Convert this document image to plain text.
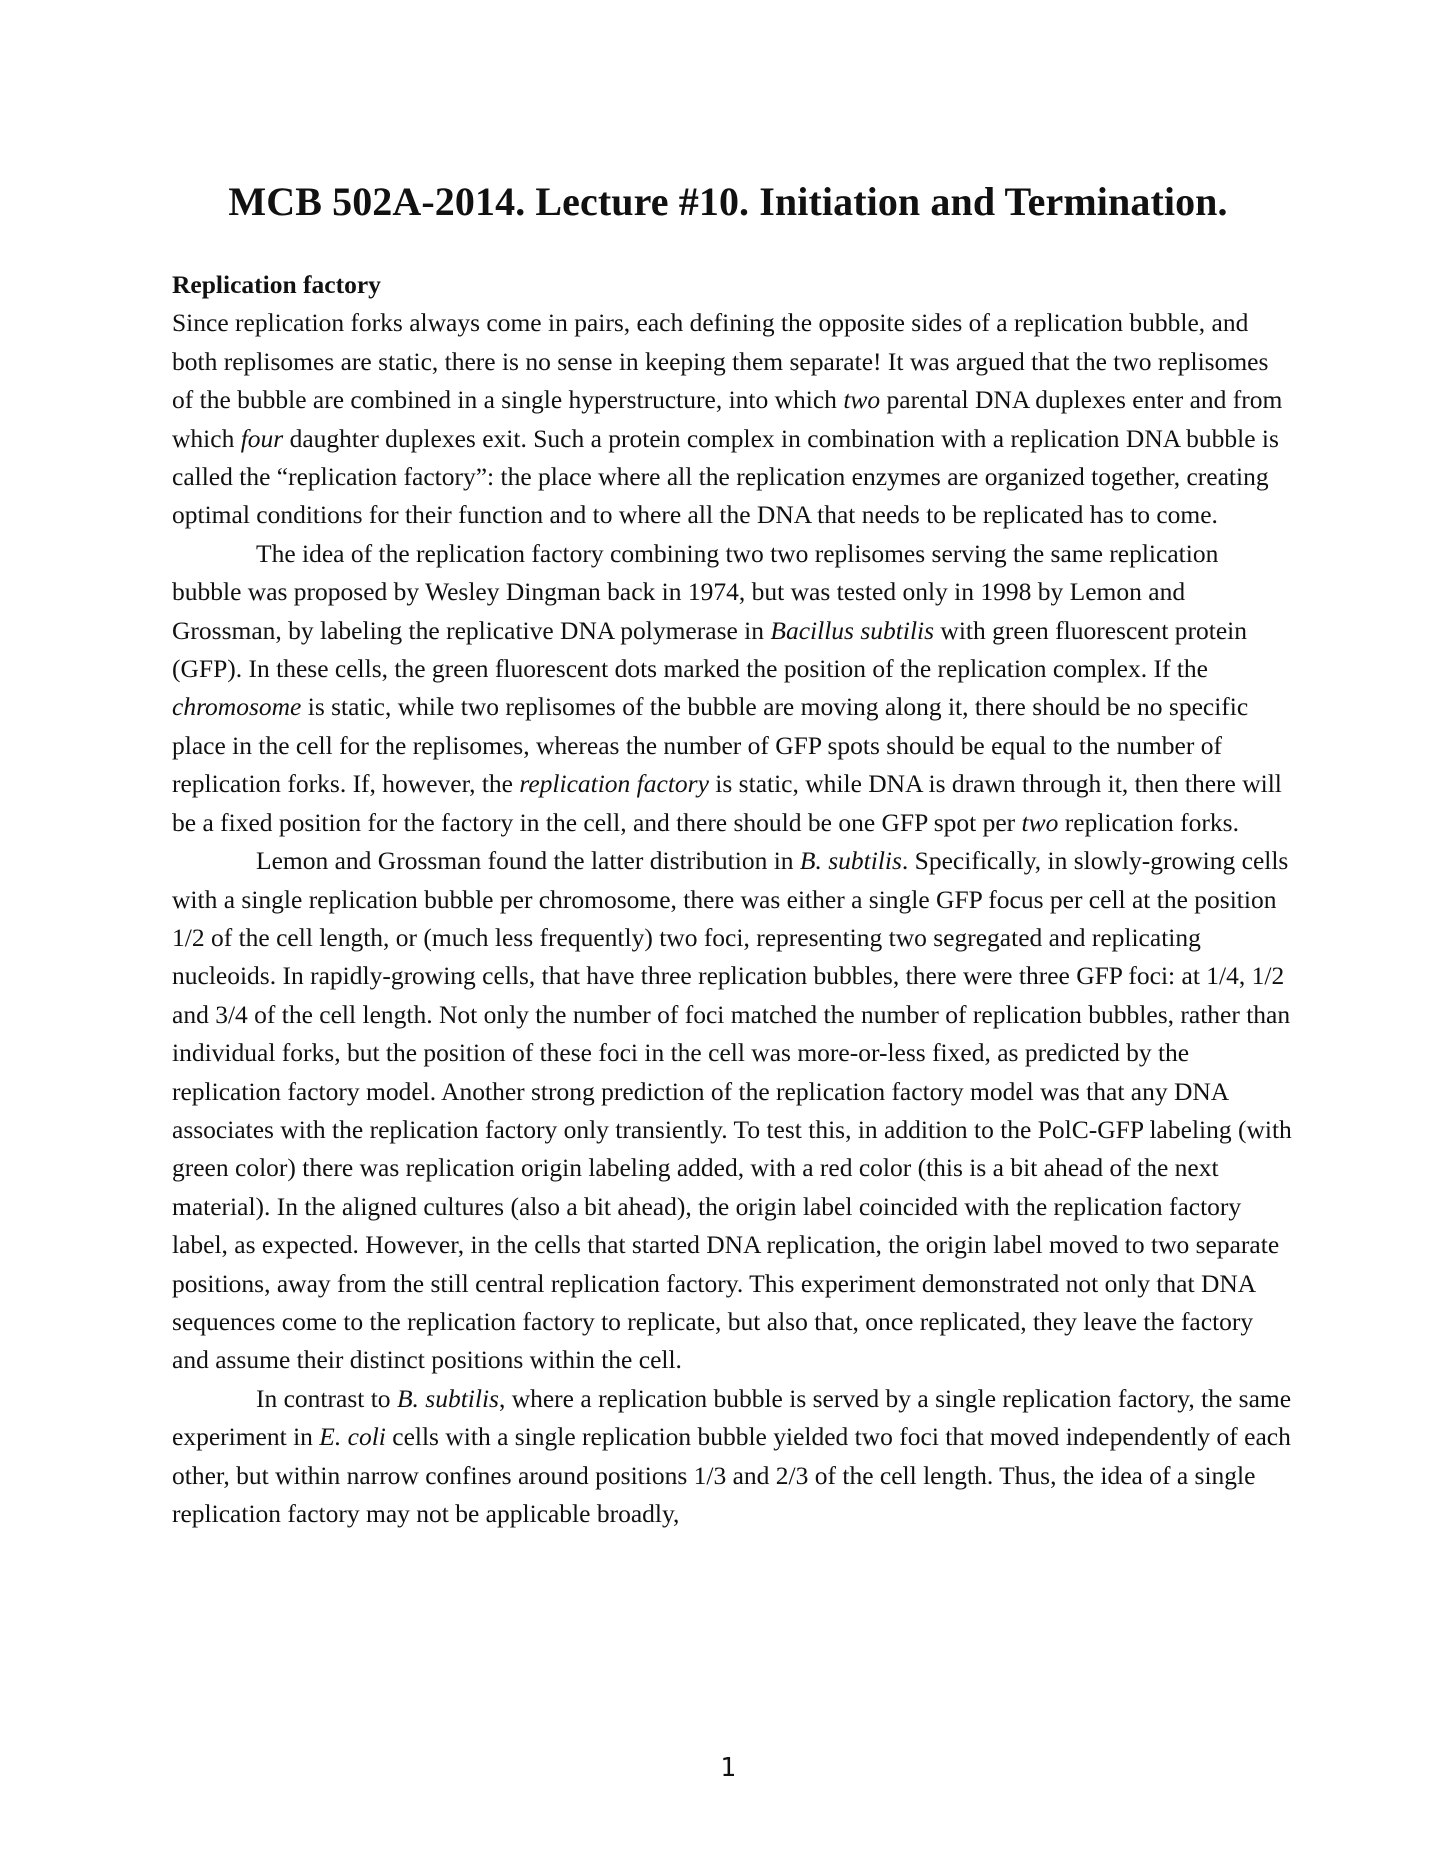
MCB 502A-2014. Lecture #10. Initiation and Termination.
Replication factory

Since replication forks always come in pairs, each defining the opposite sides of a replication bubble, and both replisomes are static, there is no sense in keeping them separate! It was argued that the two replisomes of the bubble are combined in a single hyperstructure, into which two parental DNA duplexes enter and from which four daughter duplexes exit. Such a protein complex in combination with a replication DNA bubble is called the “replication factory”: the place where all the replication enzymes are organized together, creating optimal conditions for their function and to where all the DNA that needs to be replicated has to come.

The idea of the replication factory combining two two replisomes serving the same replication bubble was proposed by Wesley Dingman back in 1974, but was tested only in 1998 by Lemon and Grossman, by labeling the replicative DNA polymerase in Bacillus subtilis with green fluorescent protein (GFP). In these cells, the green fluorescent dots marked the position of the replication complex. If the chromosome is static, while two replisomes of the bubble are moving along it, there should be no specific place in the cell for the replisomes, whereas the number of GFP spots should be equal to the number of replication forks. If, however, the replication factory is static, while DNA is drawn through it, then there will be a fixed position for the factory in the cell, and there should be one GFP spot per two replication forks.

Lemon and Grossman found the latter distribution in B. subtilis. Specifically, in slowly-growing cells with a single replication bubble per chromosome, there was either a single GFP focus per cell at the position 1/2 of the cell length, or (much less frequently) two foci, representing two segregated and replicating nucleoids. In rapidly-growing cells, that have three replication bubbles, there were three GFP foci: at 1/4, 1/2 and 3/4 of the cell length. Not only the number of foci matched the number of replication bubbles, rather than individual forks, but the position of these foci in the cell was more-or-less fixed, as predicted by the replication factory model. Another strong prediction of the replication factory model was that any DNA associates with the replication factory only transiently. To test this, in addition to the PolC-GFP labeling (with green color) there was replication origin labeling added, with a red color (this is a bit ahead of the next material). In the aligned cultures (also a bit ahead), the origin label coincided with the replication factory label, as expected. However, in the cells that started DNA replication, the origin label moved to two separate positions, away from the still central replication factory. This experiment demonstrated not only that DNA sequences come to the replication factory to replicate, but also that, once replicated, they leave the factory and assume their distinct positions within the cell.

In contrast to B. subtilis, where a replication bubble is served by a single replication factory, the same experiment in E. coli cells with a single replication bubble yielded two foci that moved independently of each other, but within narrow confines around positions 1/3 and 2/3 of the cell length. Thus, the idea of a single replication factory may not be applicable broadly,

1
